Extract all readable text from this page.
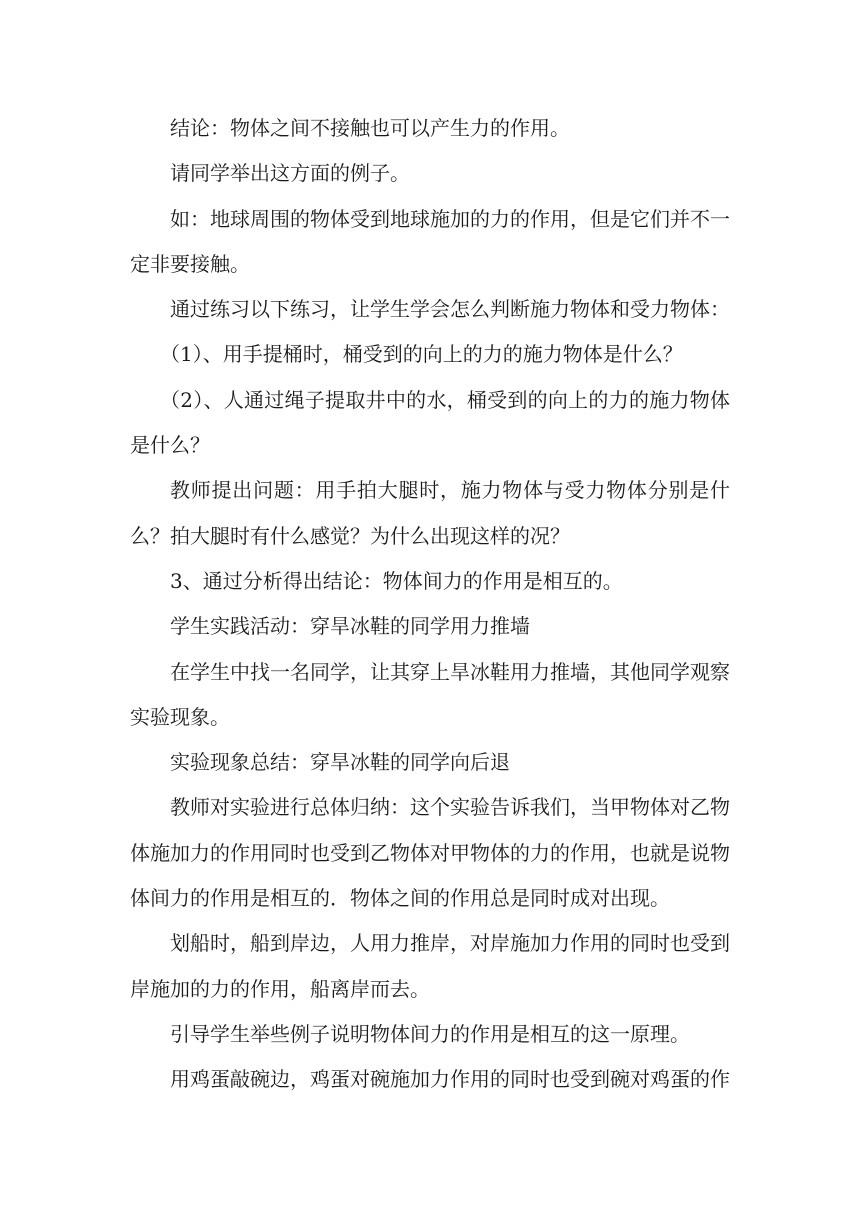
结论：物体之间不接触也可以产生力的作用。

请同学举出这方面的例子。

如：地球周围的物体受到地球施加的力的作用，但是它们并不一定非要接触。

通过练习以下练习，让学生学会怎么判断施力物体和受力物体：

（1）、用手提桶时，桶受到的向上的力的施力物体是什么？

（2）、人通过绳子提取井中的水，桶受到的向上的力的施力物体是什么？

教师提出问题：用手拍大腿时，施力物体与受力物体分别是什么？拍大腿时有什么感觉？为什么出现这样的况？

3、通过分析得出结论：物体间力的作用是相互的。

学生实践活动：穿旱冰鞋的同学用力推墙

在学生中找一名同学，让其穿上旱冰鞋用力推墙，其他同学观察实验现象。

实验现象总结：穿旱冰鞋的同学向后退

教师对实验进行总体归纳：这个实验告诉我们，当甲物体对乙物体施加力的作用同时也受到乙物体对甲物体的力的作用，也就是说物体间力的作用是相互的．物体之间的作用总是同时成对出现。

划船时，船到岸边，人用力推岸，对岸施加力作用的同时也受到岸施加的力的作用，船离岸而去。

引导学生举些例子说明物体间力的作用是相互的这一原理。

用鸡蛋敲碗边，鸡蛋对碗施加力作用的同时也受到碗对鸡蛋的作
